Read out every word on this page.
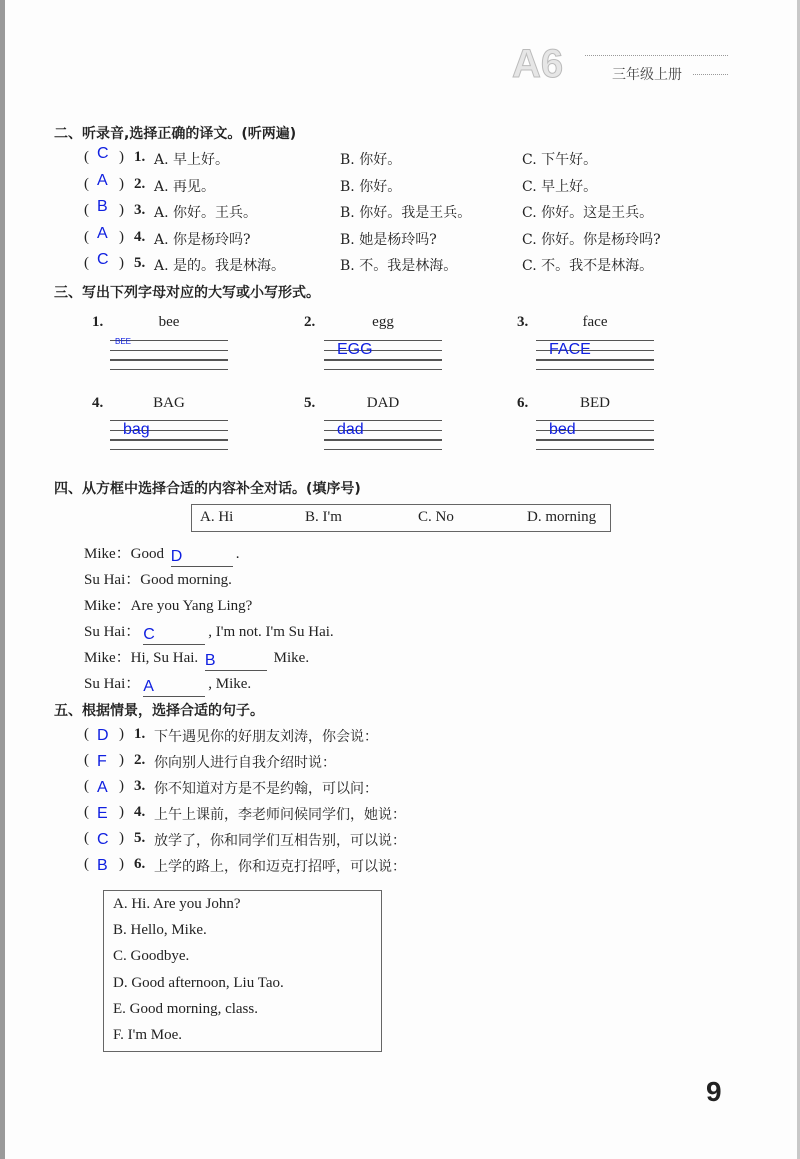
A6	三年级上册
二、听录音,选择正确的译文。(听两遍)
( C ) 1. A. 早上好。	B. 你好。	C. 下午好。
( A ) 2. A. 再见。	B. 你好。	C. 早上好。
( B ) 3. A. 你好。王兵。	B. 你好。我是王兵。	C. 你好。这是王兵。
( A ) 4. A. 你是杨玲吗?	B. 她是杨玲吗?	C. 你好。你是杨玲吗?
( C ) 5. A. 是的。我是林海。	B. 不。我是林海。	C. 不。我不是林海。
三、写出下列字母对应的大写或小写形式。
1.	bee
BEE
2.	egg
EGG
3.	face
FACE
4.	BAG
bag
5.	DAD
dad
6.	BED
bed
四、从方框中选择合适的内容补全对话。(填序号)
A. Hi	B. I'm	C. No	D. morning
Mike：Good D	.
Su Hai：Good morning.
Mike：Are you Yang Ling?
Su Hai： C	, I'm not. I'm Su Hai.
Mike：Hi, Su Hai. B	Mike.
Su Hai： A	, Mike.
五、根据情景，选择合适的句子。
( D ) 1. 下午遇见你的好朋友刘涛，你会说：
( F ) 2. 你向别人进行自我介绍时说：
( A ) 3. 你不知道对方是不是约翰，可以问：
( E ) 4. 上午上课前，李老师问候同学们，她说：
( C ) 5. 放学了，你和同学们互相告别，可以说：
( B ) 6. 上学的路上，你和迈克打招呼，可以说：
A. Hi. Are you John?
B. Hello, Mike.
C. Goodbye.
D. Good afternoon, Liu Tao.
E. Good morning, class.
F. I'm Moe.
9
